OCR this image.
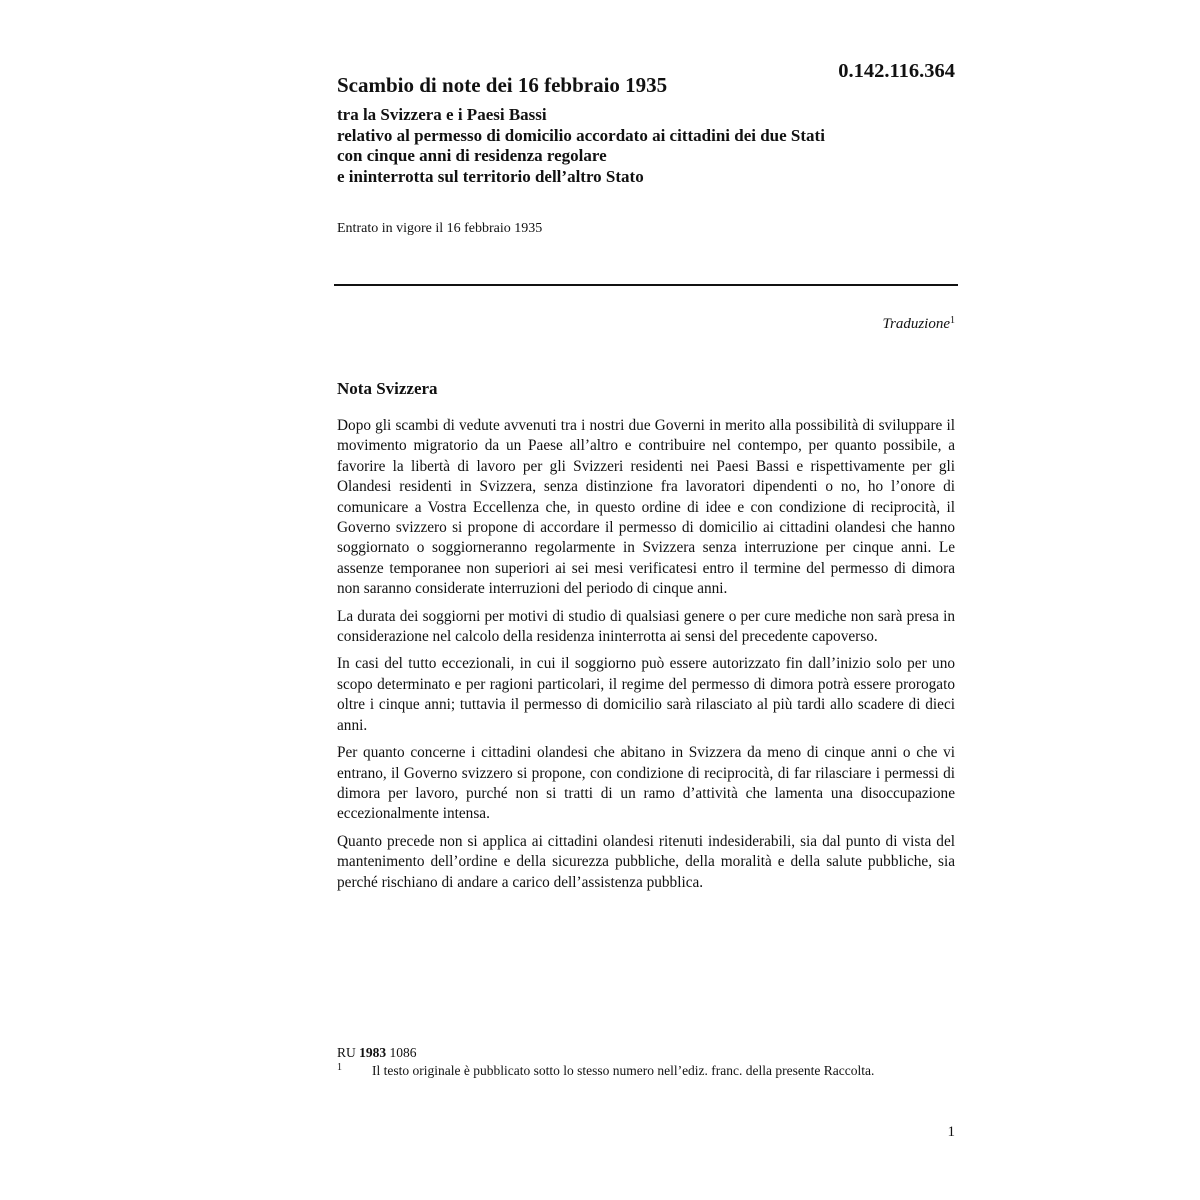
0.142.116.364
Scambio di note dei 16 febbraio 1935
tra la Svizzera e i Paesi Bassi
relativo al permesso di domicilio accordato ai cittadini dei due Stati
con cinque anni di residenza regolare
e ininterrotta sul territorio dell’altro Stato
Entrato in vigore il 16 febbraio 1935
Traduzione$^1$
Nota Svizzera

Dopo gli scambi di vedute avvenuti tra i nostri due Governi in merito alla possibilità di sviluppare il movimento migratorio da un Paese all’altro e contribuire nel contempo, per quanto possibile, a favorire la libertà di lavoro per gli Svizzeri residenti nei Paesi Bassi e rispettivamente per gli Olandesi residenti in Svizzera, senza distinzione fra lavoratori dipendenti o no, ho l’onore di comunicare a Vostra Eccellenza che, in questo ordine di idee e con condizione di reciprocità, il Governo svizzero si propone di accordare il permesso di domicilio ai cittadini olandesi che hanno soggiornato o soggiorneranno regolarmente in Svizzera senza interruzione per cinque anni. Le assenze temporanee non superiori ai sei mesi verificatesi entro il termine del permesso di dimora non saranno considerate interruzioni del periodo di cinque anni.

La durata dei soggiorni per motivi di studio di qualsiasi genere o per cure mediche non sarà presa in considerazione nel calcolo della residenza ininterrotta ai sensi del precedente capoverso.

In casi del tutto eccezionali, in cui il soggiorno può essere autorizzato fin dall’inizio solo per uno scopo determinato e per ragioni particolari, il regime del permesso di dimora potrà essere prorogato oltre i cinque anni; tuttavia il permesso di domicilio sarà rilasciato al più tardi allo scadere di dieci anni.

Per quanto concerne i cittadini olandesi che abitano in Svizzera da meno di cinque anni o che vi entrano, il Governo svizzero si propone, con condizione di reciprocità, di far rilasciare i permessi di dimora per lavoro, purché non si tratti di un ramo d’attività che lamenta una disoccupazione eccezionalmente intensa.

Quanto precede non si applica ai cittadini olandesi ritenuti indesiderabili, sia dal punto di vista del mantenimento dell’ordine e della sicurezza pubbliche, della moralità e della salute pubbliche, sia perché rischiano di andare a carico dell’assistenza pubblica.

RU 1983 1086
1	Il testo originale è pubblicato sotto lo stesso numero nell’ediz. franc. della presente Raccolta.
1
